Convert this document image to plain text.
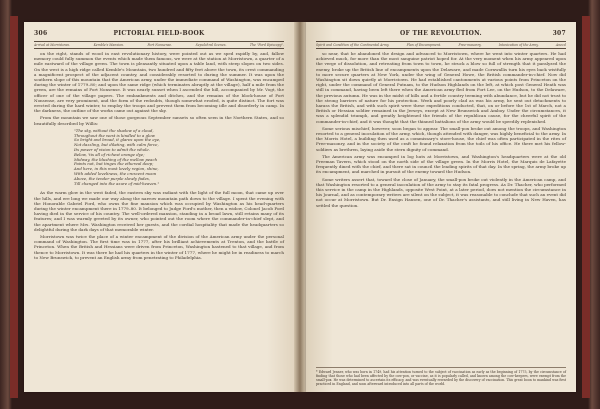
306	PICTORIAL FIELD-BOOK
Arrival at Morristown.	Kemble's Mansion.	Fort Nonsense.	Sepulchral Scenes.	The "Ford Episcopy".

on the right, stands of wood in east revolutionary history, were pointed out as we sped rapidly by, and, fallow memory could fully summon the events which made them famous, we were at the station at Morristown, a quarter of a mile eastward of the village green. The town is pleasantly situated upon a table land, with steep slopes on two sides. On the west is a high ridge called Kemble's Mountain, two hundred and fifty feet above the town, its crest commanding a magnificent prospect of the adjacent country, and considerably resorted to during the summer. It was upon the southern slope of this mountain that the American army, under the immediate command of Washington, was encamped during the winter of 1779–80; and upon the same ridge (which terminates abruptly at the village), half a mile from the green, are the remains of Fort Nonsense. It was nearly sunset when I ascended the hill, accompanied by Mr. Vogt, the officer of one of the village papers. The embankments and ditches, and the remains of the block-house of Fort Nonsense, are very prominent, and the form of the redoubts, though somewhat eroded, is quite distinct. The fort was erected during the hard winter, to employ the troops and prevent them from becoming idle and disorderly in camp. In the darkness, the outline of the works came out against the sky.

From the mountain we saw one of those gorgeous September sunsets so often seen in the Northern States, and so beautifully described by Willis:

"The sky, without the shadow of a cloud,
Throughout the west is kindled to a glow
So bright and broad, it glares upon the eye,
Not dazzling, but dilating, with calm force,
Its power of vision to admit the whole.
Below, 'tis all of richest orange dye;
Midway, the blushing of the mellow peach
Paints not, but tinges the ethereal deep;
And here, in this most lovely region, shine,
With added loveliness, the crescent moon
Above, the tender purple slowly fades,
Till changed into the azure of mid-heaven."

As the warm glow in the west faded, the eastern sky was radiant with the light of the full moon, that came up over the hills, and ere long we made our way along the narrow mountain path down to the village. I spent the evening with the Honorable Gabriel Ford, who owns the fine mansion which was occupied by Washington as his head-quarters during the winter encampment there in 1779–80. It belonged to Judge Ford's mother, then a widow, Colonel Jacob Ford having died in the service of his country. The well-ordered mansion, standing in a broad lawn, still retains many of its features; and I was warmly greeted by its owner, who pointed out the room where the commander-in-chief slept, and the apartment where Mrs. Washington received her guests, and the cordial hospitality that made the headquarters so delightful during the dark days of that memorable winter.

Morristown was twice the place of a winter encampment of the division of the American army under the personal command of Washington. The first time was in 1777, after his brilliant achievements at Trenton, and the battle of Princeton. When the British and Hessians were driven from Princeton, Washington hastened to that village, and from thence to Morristown. It was there he had his quarters in the winter of 1777, where he might be in readiness to march to New Brunswick, to prevent an English army from penetrating to Philadelphia.

OF THE REVOLUTION.	307
Spirit and Condition of the Continental Army.	Plan of Encampment.	Free-masonry.	Intoxication of the Army.	Anecd

so near, that he abandoned the design and advanced to Morristown, where he went into winter quarters. He had achieved much, for more than the most sanguine patriot hoped for. At the very moment when his army appeared upon the verge of dissolution, and retreating from town to town, he struck a blow so full of strength that it paralyzed the enemy, broke up the British line of encampments upon the Delaware, and made Cornwallis turn his eyes back wistfully to more secure quarters at New York, under the wing of General Howe, the British commander-in-chief. Now did Washington sit down quietly at Morristown. He had established cantonments at various points from Princeton on the right, under the command of General Putnam, to the Hudson Highlands on the left, at which post General Heath was still in command, having been left there when the American army fled from Fort Lee, on the Hudson, to the Delaware, the previous autumn. He was in the midst of hills and a fertile country teeming with abundance, but he did not trust to the strong barriers of nature for his protection. Week and poorly clad as was his army, he sent out detachments to harass the British, and with such spirit were these expeditions conducted, that, on or before the 1st of March, not a British or Hessian soldier remained in the Jerseys, except at New Brunswick and Amboy. Under the circumstances, it was a splendid triumph, and greatly heightened the friends of the republican cause, for the cheerful spirit of the commander-in-chief, and it was thought that the thinned battalions of the army would be speedily replenished.

Some serious mischief, however, soon began to appear. The small-pox broke out among the troops, and Washington resorted to a general inoculation of the army, which, though attended with danger, was highly beneficial to the army. In the Morris Hotel, a building then used as a commissary's store-house, the chief was often participated in the rites of Free-masonry, and in the society of the craft he found relaxation from the toils of his office. He there met his fellow-soldiers as brethren, laying aside the stern dignity of command.

The American army was encamped in log huts at Morristown, and Washington's headquarters were at the old Freeman Tavern, which stood on the north side of the village green. In the Morris Hotel, the Marquis de Lafayette frequently dined with the chief, and there sat in council the leading spirits of that day. In the spring, the army broke up its encampment, and marched in pursuit of the enemy toward the Hudson.

Some writers assert that, toward the close of January, the small-pox broke out violently in the American camp, and that Washington resorted to a general inoculation of the army to stay its fatal progress. As Dr. Thacher, who performed this service in the camp in the Highlands, opposite West Point, at a later period, does not mention the circumstance in his Journal, and as contemporary writers are silent on the subject, it was reasonable to conclude that such an event did not occur at Morristown. But Dr. Ensign Hansen, one of Dr. Thacher's assistants, and still living in New Haven, has settled the question.

* Edward Jenner, who was born in 1749, had his attention turned to the subject of vaccination as early as the beginning of 1775, by the circumstance of finding that those who had been affected by the cow-pox, or vaccine, as it is popularly called, and known among the cow-keepers, were exempt from the small-pox. He was determined to ascertain its efficacy, and was eventually rewarded by the discovery of vaccination. This great boon to mankind was first practiced in England, and soon afterward introduced into all parts of the world.
